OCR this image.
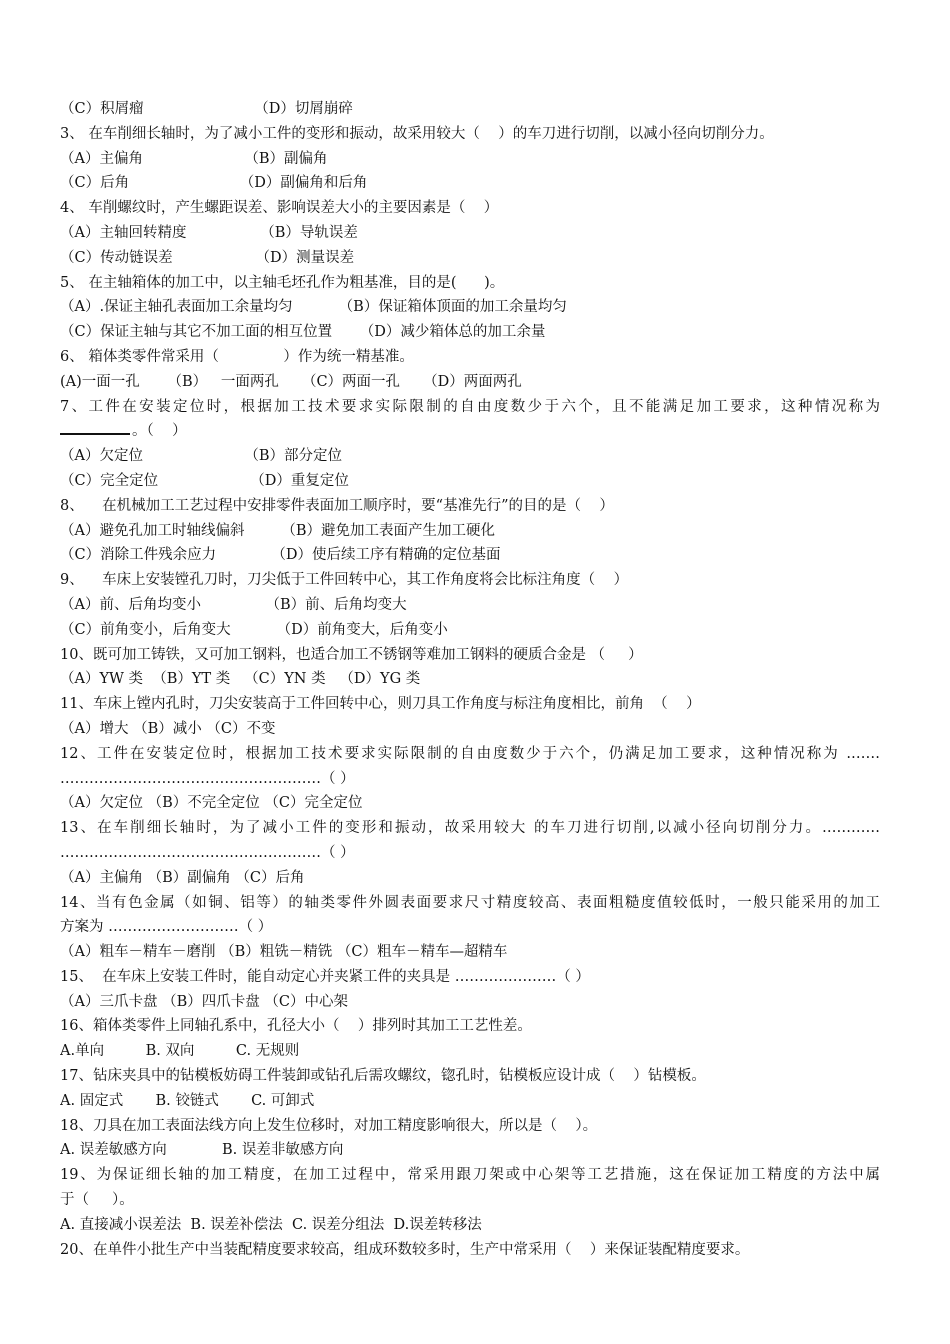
（C）积屑瘤                        （D）切屑崩碎
3、 在车削细长轴时，为了减小工件的变形和振动，故采用较大（    ）的车刀进行切削，以减小径向切削分力。
（A）主偏角                      （B）副偏角
（C）后角                        （D）副偏角和后角
4、 车削螺纹时，产生螺距误差、影响误差大小的主要因素是（    ）
（A）主轴回转精度                （B）导轨误差
（C）传动链误差                  （D）测量误差
5、 在主轴箱体的加工中，以主轴毛坯孔作为粗基准，目的是(      )。
（A）.保证主轴孔表面加工余量均匀          （B）保证箱体顶面的加工余量均匀
（C）保证主轴与其它不加工面的相互位置      （D）减少箱体总的加工余量
6、 箱体类零件常采用（              ）作为统一精基准。
(A)一面一孔      （B）   一面两孔     （C）两面一孔     （D）两面两孔
7、工件在安装定位时，根据加工技术要求实际限制的自由度数少于六个，且不能满足加工要求，这种情况称为
。（    ）
（A）欠定位                      （B）部分定位
（C）完全定位                    （D）重复定位
8、    在机械加工工艺过程中安排零件表面加工顺序时，要“基准先行”的目的是（    ）
（A）避免孔加工时轴线偏斜        （B）避免加工表面产生加工硬化
（C）消除工件残余应力            （D）使后续工序有精确的定位基面
9、    车床上安装镗孔刀时，刀尖低于工件回转中心，其工作角度将会比标注角度（    ）
（A）前、后角均变小              （B）前、后角均变大
（C）前角变小，后角变大          （D）前角变大，后角变小
10、既可加工铸铁，又可加工钢料，也适合加工不锈钢等难加工钢料的硬质合金是 （     ）
（A）YW 类  （B）YT 类   （C）YN 类   （D）YG 类
11、车床上镗内孔时，刀尖安装高于工件回转中心，则刀具工作角度与标注角度相比，前角  （    ）
（A）增大 （B）减小 （C）不变
12、工件在安装定位时，根据加工技术要求实际限制的自由度数少于六个，仍满足加工要求，这种情况称为 .……
………………………………………………（ ）
（A）欠定位 （B）不完全定位 （C）完全定位
13、在车削细长轴时，为了减小工件的变形和振动，故采用较大 的车刀进行切削,以减小径向切削分力。…………
………………………………………………（ ）
（A）主偏角 （B）副偏角 （C）后角
14、当有色金属（如铜、铝等）的轴类零件外圆表面要求尺寸精度较高、表面粗糙度值较低时，一般只能采用的加工
方案为 ………………………（ ）
（A）粗车－精车－磨削 （B）粗铣－精铣 （C）粗车－精车—超精车
15、  在车床上安装工件时，能自动定心并夹紧工件的夹具是 …………………（ ）
（A）三爪卡盘 （B）四爪卡盘 （C）中心架
16、箱体类零件上同轴孔系中，孔径大小（    ）排列时其加工工艺性差。
A.单向         B. 双向         C. 无规则
17、钻床夹具中的钻模板妨碍工件装卸或钻孔后需攻螺纹，锪孔时，钻模板应设计成（    ）钻模板。
A. 固定式       B. 铰链式       C. 可卸式
18、刀具在加工表面法线方向上发生位移时，对加工精度影响很大，所以是（    ）。
A. 误差敏感方向            B. 误差非敏感方向
19、为保证细长轴的加工精度，在加工过程中，常采用跟刀架或中心架等工艺措施，这在保证加工精度的方法中属
于（     ）。
A. 直接减小误差法  B. 误差补偿法  C. 误差分组法  D.误差转移法
20、在单件小批生产中当装配精度要求较高，组成环数较多时，生产中常采用（    ）来保证装配精度要求。
